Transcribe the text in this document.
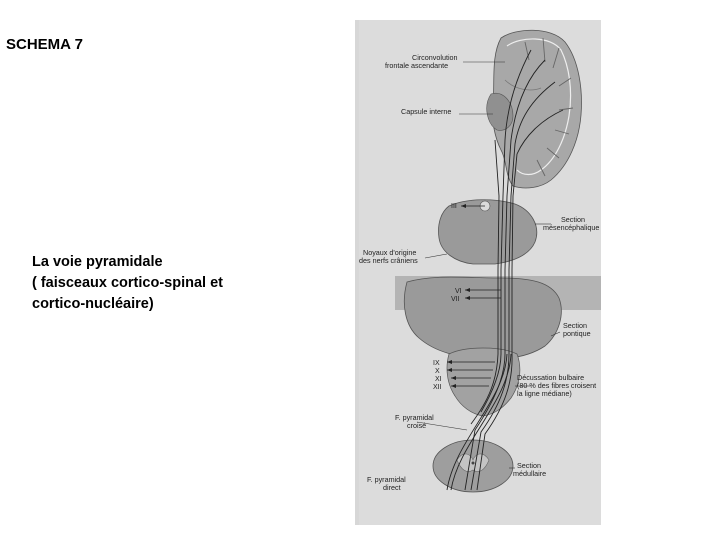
SCHEMA 7
La voie pyramidale
( faisceaux cortico-spinal et
cortico-nucléaire)
Circonvolution
frontale ascendante
Capsule interne
Section
mésencéphalique
Noyaux d'origine
des nerfs crâniens
Section
pontique
Décussation bulbaire
(80 % des fibres croisent
la ligne médiane)
F. pyramidal
croisé
Section
médullaire
F. pyramidal
direct
III
VI
VII
IX
X
XI
XII
